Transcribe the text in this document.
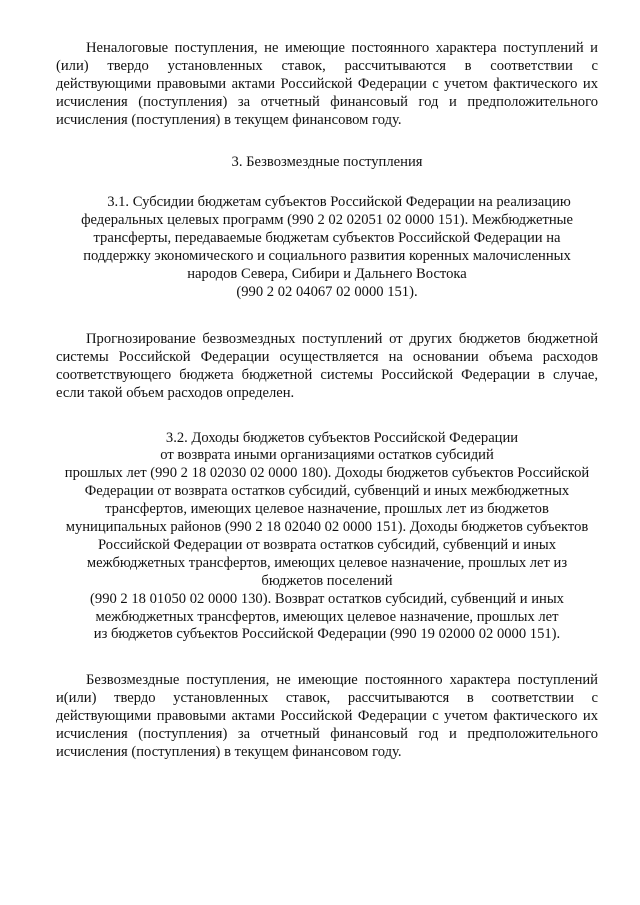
Неналоговые поступления, не имеющие постоянного характера поступлений и

(или) твердо установленных ставок, рассчитываются в соответствии с

действующими правовыми актами Российской Федерации с учетом фактического их

исчисления (поступления) за отчетный финансовый год и предположительного

исчисления (поступления) в текущем финансовом году.

3. Безвозмездные поступления

3.1. Субсидии бюджетам субъектов Российской Федерации на реализацию

федеральных целевых программ (990 2 02 02051 02 0000 151). Межбюджетные

трансферты, передаваемые бюджетам субъектов Российской Федерации на

поддержку экономического и социального развития коренных малочисленных

народов Севера, Сибири и Дальнего Востока

(990 2 02 04067 02 0000 151).

Прогнозирование безвозмездных поступлений от других бюджетов бюджетной

системы Российской Федерации осуществляется на основании объема расходов

соответствующего бюджета бюджетной системы Российской Федерации в случае,

если такой объем расходов определен.

3.2. Доходы бюджетов субъектов Российской Федерации

от возврата иными организациями остатков субсидий

прошлых лет (990 2 18 02030 02 0000 180). Доходы бюджетов субъектов Российской

Федерации от возврата остатков субсидий, субвенций и иных межбюджетных

трансфертов, имеющих целевое назначение, прошлых лет из бюджетов

муниципальных районов (990 2 18 02040 02 0000 151). Доходы бюджетов субъектов

Российской Федерации от возврата остатков субсидий, субвенций и иных

межбюджетных трансфертов, имеющих целевое назначение, прошлых лет из

бюджетов поселений

(990 2 18 01050 02 0000 130). Возврат остатков субсидий, субвенций и иных

межбюджетных трансфертов, имеющих целевое назначение, прошлых лет

из бюджетов субъектов Российской Федерации (990 19 02000 02 0000 151).

Безвозмездные поступления, не имеющие постоянного характера поступлений

и(или) твердо установленных ставок, рассчитываются в соответствии с

действующими правовыми актами Российской Федерации с учетом фактического их

исчисления (поступления) за отчетный финансовый год и предположительного

исчисления (поступления) в текущем финансовом году.
